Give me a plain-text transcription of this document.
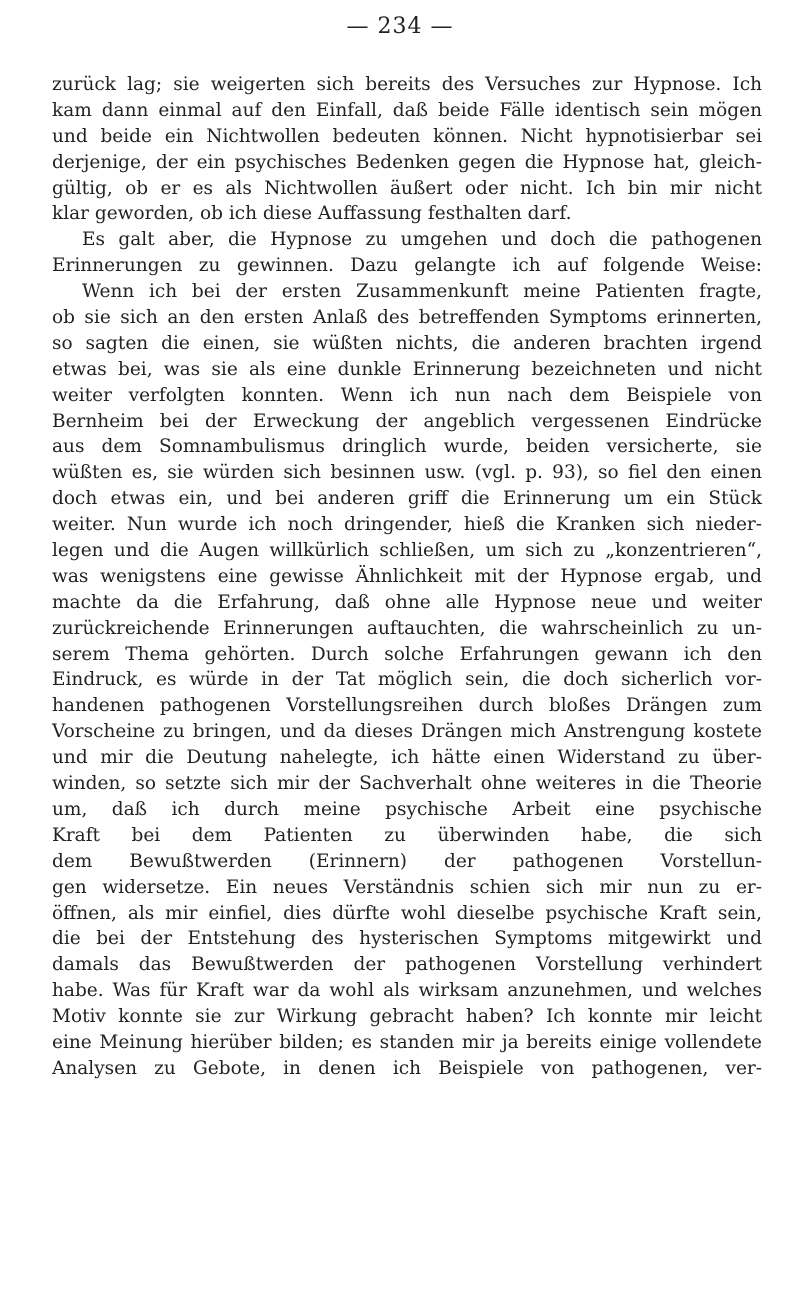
— 234 —
zurück lag; sie weigerten sich bereits des Versuches zur Hypnose. Ich
kam dann einmal auf den Einfall, daß beide Fälle identisch sein mögen
und beide ein Nichtwollen bedeuten können. Nicht hypnotisierbar sei
derjenige, der ein psychisches Bedenken gegen die Hypnose hat, gleich-
gültig, ob er es als Nichtwollen äußert oder nicht. Ich bin mir nicht
klar geworden, ob ich diese Auffassung festhalten darf.
Es galt aber, die Hypnose zu umgehen und doch die pathogenen
Erinnerungen zu gewinnen. Dazu gelangte ich auf folgende Weise:
Wenn ich bei der ersten Zusammenkunft meine Patienten fragte,
ob sie sich an den ersten Anlaß des betreffenden Symptoms erinnerten,
so sagten die einen, sie wüßten nichts, die anderen brachten irgend
etwas bei, was sie als eine dunkle Erinnerung bezeichneten und nicht
weiter verfolgten konnten. Wenn ich nun nach dem Beispiele von
Bernheim bei der Erweckung der angeblich vergessenen Eindrücke
aus dem Somnambulismus dringlich wurde, beiden versicherte, sie
wüßten es, sie würden sich besinnen usw. (vgl. p. 93), so fiel den einen
doch etwas ein, und bei anderen griff die Erinnerung um ein Stück
weiter. Nun wurde ich noch dringender, hieß die Kranken sich nieder-
legen und die Augen willkürlich schließen, um sich zu „konzentrieren“,
was wenigstens eine gewisse Ähnlichkeit mit der Hypnose ergab, und
machte da die Erfahrung, daß ohne alle Hypnose neue und weiter
zurückreichende Erinnerungen auftauchten, die wahrscheinlich zu un-
serem Thema gehörten. Durch solche Erfahrungen gewann ich den
Eindruck, es würde in der Tat möglich sein, die doch sicherlich vor-
handenen pathogenen Vorstellungsreihen durch bloßes Drängen zum
Vorscheine zu bringen, und da dieses Drängen mich Anstrengung kostete
und mir die Deutung nahelegte, ich hätte einen Widerstand zu über-
winden, so setzte sich mir der Sachverhalt ohne weiteres in die Theorie
um, daß ich durch meine psychische Arbeit eine psychische
Kraft bei dem Patienten zu überwinden habe, die sich
dem Bewußtwerden (Erinnern) der pathogenen Vorstellun-
gen widersetze. Ein neues Verständnis schien sich mir nun zu er-
öffnen, als mir einfiel, dies dürfte wohl dieselbe psychische Kraft sein,
die bei der Entstehung des hysterischen Symptoms mitgewirkt und
damals das Bewußtwerden der pathogenen Vorstellung verhindert
habe. Was für Kraft war da wohl als wirksam anzunehmen, und welches
Motiv konnte sie zur Wirkung gebracht haben? Ich konnte mir leicht
eine Meinung hierüber bilden; es standen mir ja bereits einige vollendete
Analysen zu Gebote, in denen ich Beispiele von pathogenen, ver-
